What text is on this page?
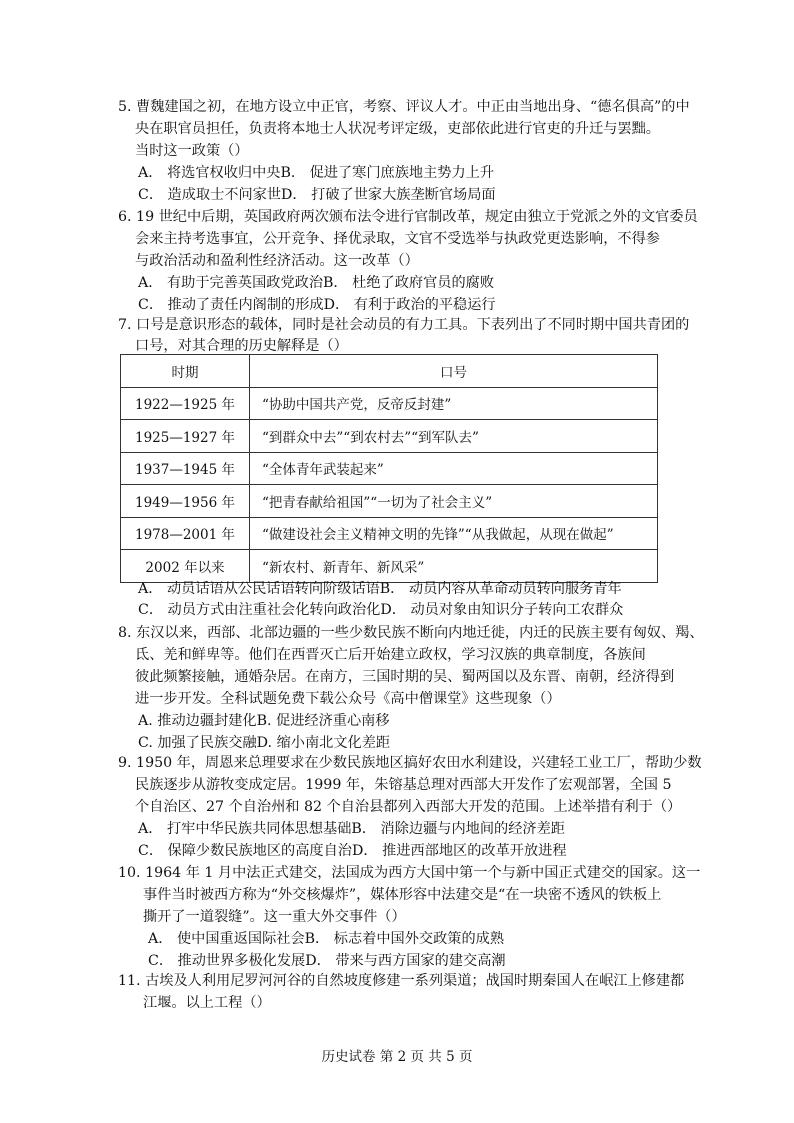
5. 曹魏建国之初，在地方设立中正官，考察、评议人才。中正由当地出身、“德名俱高”的中
央在职官员担任，负责将本地士人状况考评定级，吏部依此进行官吏的升迁与罢黜。
当时这一政策（）
A． 将选官权收归中央B． 促进了寒门庶族地主势力上升
C． 造成取士不问家世D． 打破了世家大族垄断官场局面
6. 19 世纪中后期，英国政府两次颁布法令进行官制改革，规定由独立于党派之外的文官委员
会来主持考选事宜，公开竞争、择优录取，文官不受选举与执政党更迭影响，不得参
与政治活动和盈利性经济活动。这一改革（）
A． 有助于完善英国政党政治B． 杜绝了政府官员的腐败
C． 推动了责任内阁制的形成D． 有利于政治的平稳运行
7. 口号是意识形态的载体，同时是社会动员的有力工具。下表列出了不同时期中国共青团的
口号，对其合理的历史解释是（）
时期	口号
1922—1925 年	“协助中国共产党，反帝反封建”
1925—1927 年	“到群众中去”“到农村去”“到军队去”
1937—1945 年	“全体青年武装起来”
1949—1956 年	“把青春献给祖国”“一切为了社会主义”
1978—2001 年	“做建设社会主义精神文明的先锋”“从我做起，从现在做起”
2002 年以来	“新农村、新青年、新风采”
A． 动员话语从公民话语转向阶级话语B． 动员内容从革命动员转向服务青年
C． 动员方式由注重社会化转向政治化D． 动员对象由知识分子转向工农群众
8. 东汉以来，西部、北部边疆的一些少数民族不断向内地迁徙，内迁的民族主要有匈奴、羯、
氐、羌和鲜卑等。他们在西晋灭亡后开始建立政权，学习汉族的典章制度，各族间
彼此频繁接触，通婚杂居。在南方，三国时期的吴、蜀两国以及东晋、南朝，经济得到
进一步开发。全科试题免费下载公众号《高中僧课堂》这些现象（）
A. 推动边疆封建化B. 促进经济重心南移
C. 加强了民族交融D. 缩小南北文化差距
9. 1950 年，周恩来总理要求在少数民族地区搞好农田水利建设，兴建轻工业工厂，帮助少数
民族逐步从游牧变成定居。1999 年，朱镕基总理对西部大开发作了宏观部署，全国 5
个自治区、27 个自治州和 82 个自治县都列入西部大开发的范围。上述举措有利于（）
A． 打牢中华民族共同体思想基础B． 消除边疆与内地间的经济差距
C． 保障少数民族地区的高度自治D． 推进西部地区的改革开放进程
10. 1964 年 1 月中法正式建交，法国成为西方大国中第一个与新中国正式建交的国家。这一
事件当时被西方称为“外交核爆炸”，媒体形容中法建交是“在一块密不透风的铁板上
撕开了一道裂缝”。这一重大外交事件（）
A． 使中国重返国际社会B． 标志着中国外交政策的成熟
C． 推动世界多极化发展D． 带来与西方国家的建交高潮
11. 古埃及人利用尼罗河河谷的自然坡度修建一系列渠道；战国时期秦国人在岷江上修建都
江堰。以上工程（）
历史试卷 第 2 页 共 5 页
